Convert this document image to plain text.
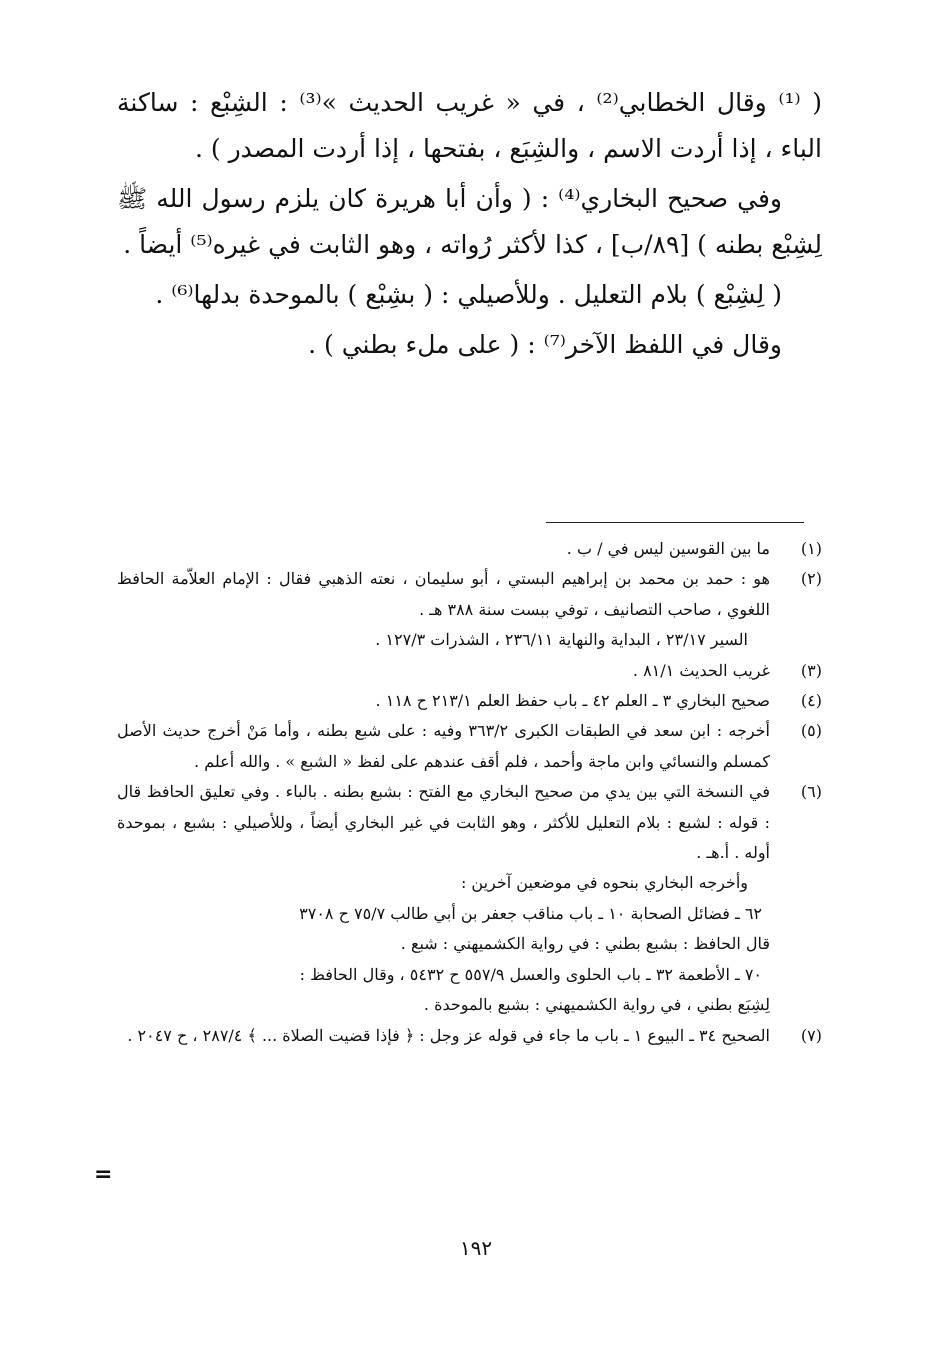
( ⁽¹⁾ وقال الخطابي⁽²⁾ ، في « غريب الحديث »⁽³⁾ : الشِبْع : ساكنة الباء ، إذا أردت الاسم ، والشِبَع ، بفتحها ، إذا أردت المصدر ) .

وفي صحيح البخاري⁽⁴⁾ : ( وأن أبا هريرة كان يلزم رسول الله ﷺ لِشِبْع بطنه ) [٨٩/ب] ، كذا لأكثر رُواته ، وهو الثابت في غيره⁽⁵⁾ أيضاً .

( لِشِبْع ) بلام التعليل . وللأصيلي : ( بشِبْع ) بالموحدة بدلها⁽⁶⁾ .

وقال في اللفظ الآخر⁽⁷⁾ : ( على ملء بطني ) .

(١)
ما بين القوسين ليس في / ب .
(٢)
هو : حمد بن محمد بن إبراهيم البستي ، أبو سليمان ، نعته الذهبي فقال : الإمام العلاّمة الحافظ اللغوي ، صاحب التصانيف ، توفي ببست سنة ٣٨٨ هـ .
السير ٢٣/١٧ ، البداية والنهاية ٢٣٦/١١ ، الشذرات ١٢٧/٣ .
(٣)
غريب الحديث ٨١/١ .
(٤)
صحيح البخاري ٣ ـ العلم ٤٢ ـ باب حفظ العلم ٢١٣/١ ح ١١٨ .
(٥)
أخرجه : ابن سعد في الطبقات الكبرى ٣٦٣/٢ وفيه : على شبع بطنه ، وأما مَنْ أخرج حديث الأصل كمسلم والنسائي وابن ماجة وأحمد ، فلم أقف عندهم على لفظ « الشبع » . والله أعلم .
(٦)
في النسخة التي بين يدي من صحيح البخاري مع الفتح : بشبع بطنه . بالباء . وفي تعليق الحافظ قال : قوله : لشبع : بلام التعليل للأكثر ، وهو الثابت في غير البخاري أيضاً ، وللأصيلي : بشبع ، بموحدة أوله . أ.هـ .
وأخرجه البخاري بنحوه في موضعين آخرين :
٦٢ ـ فضائل الصحابة ١٠ ـ باب مناقب جعفر بن أبي طالب ٧٥/٧ ح ٣٧٠٨
قال الحافظ : بشبع بطني : في رواية الكشميهني : شبع .
٧٠ ـ الأطعمة ٣٢ ـ باب الحلوى والعسل ٥٥٧/٩ ح ٥٤٣٢ ، وقال الحافظ :
لِشِبَع بطني ، في رواية الكشميهني : بشبع بالموحدة .
(٧)
الصحيح ٣٤ ـ البيوع ١ ـ باب ما جاء في قوله عز وجل : ﴿ فإذا قضيت الصلاة ... ﴾ ٢٨٧/٤ ، ح ٢٠٤٧ .
=
١٩٢
